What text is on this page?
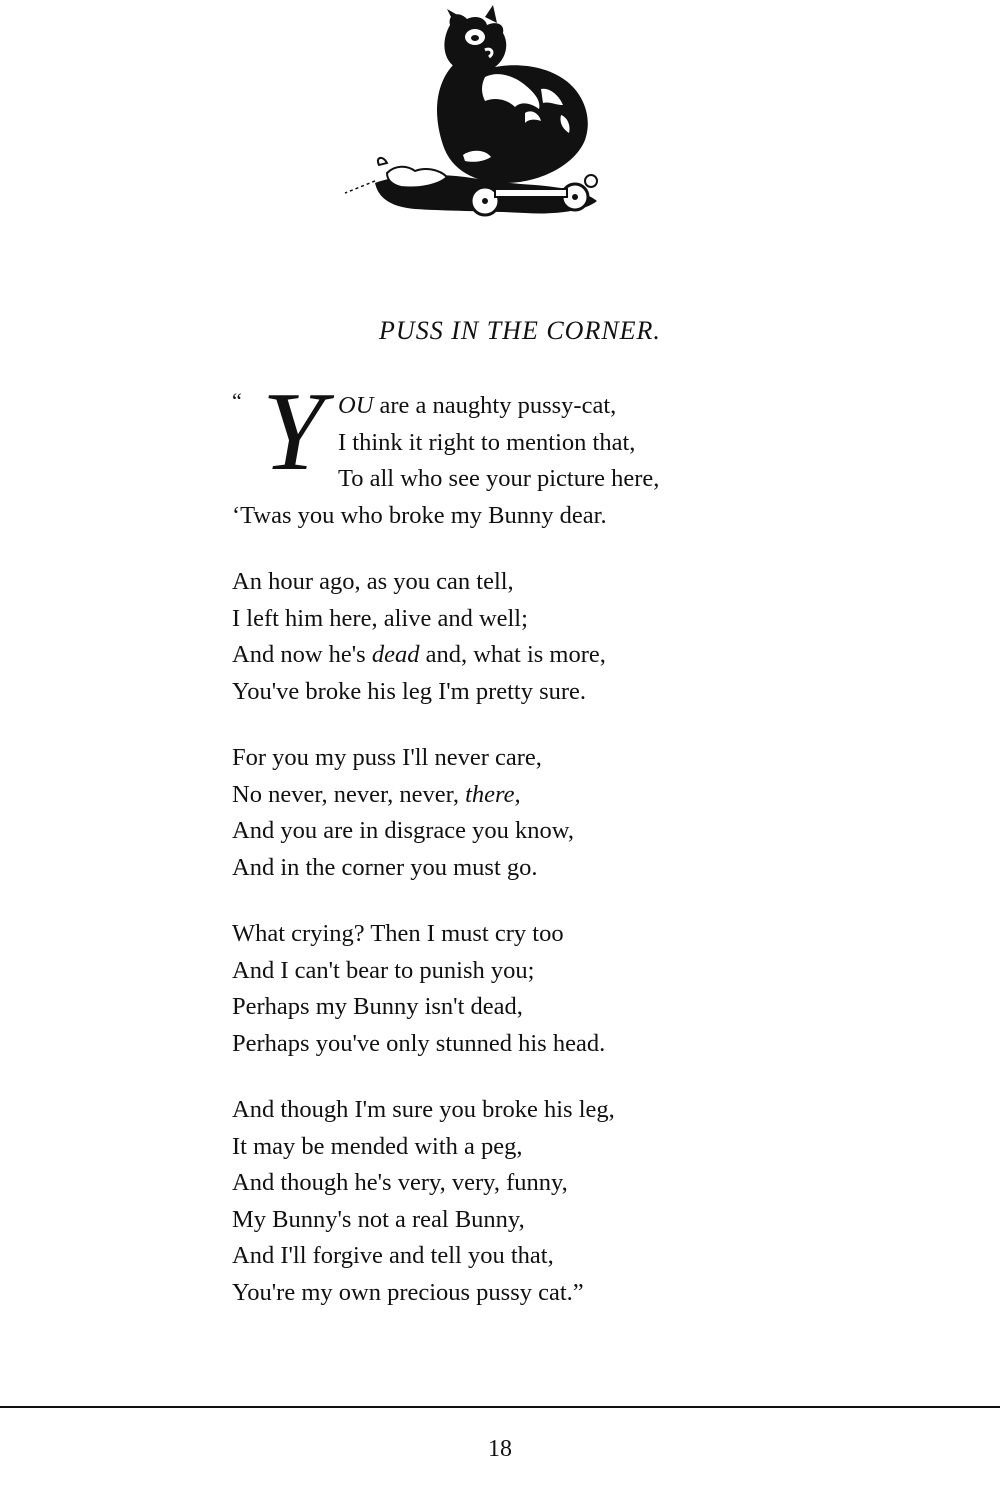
PUSS IN THE CORNER.
“ Y OU are a naughty pussy-cat,
I think it right to mention that,
To all who see your picture here,
‘Twas you who broke my Bunny dear.
An hour ago, as you can tell,
I left him here, alive and well;
And now he's dead and, what is more,
You've broke his leg I'm pretty sure.
For you my puss I'll never care,
No never, never, never, there,
And you are in disgrace you know,
And in the corner you must go.
What crying? Then I must cry too
And I can't bear to punish you;
Perhaps my Bunny isn't dead,
Perhaps you've only stunned his head.
And though I'm sure you broke his leg,
It may be mended with a peg,
And though he's very, very, funny,
My Bunny's not a real Bunny,
And I'll forgive and tell you that,
You're my own precious pussy cat.”
18
